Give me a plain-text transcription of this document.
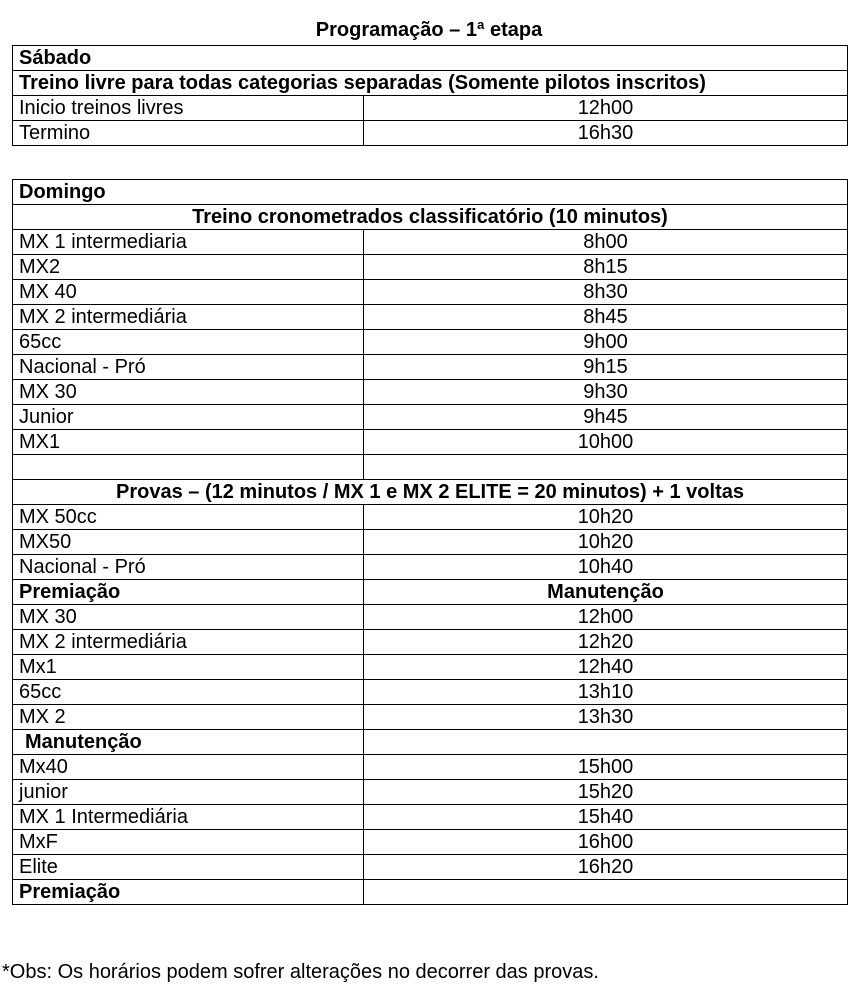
Programação – 1ª etapa
Sábado	
Treino livre para todas categorias separadas (Somente pilotos inscritos)	
Inicio treinos livres	12h00
Termino	16h30
Domingo	
Treino cronometrados classificatório (10 minutos)	
MX 1 intermediaria	8h00
MX2	8h15
MX 40	8h30
MX 2 intermediária	8h45
65cc	9h00
Nacional - Pró	9h15
MX 30	9h30
Junior	9h45
MX1	10h00

Provas – (12 minutos / MX 1 e MX 2 ELITE = 20 minutos) + 1 voltas	
MX 50cc	10h20
MX50	10h20
Nacional - Pró	10h40
Premiação	Manutenção
MX 30	12h00
MX 2 intermediária	12h20
Mx1	12h40
65cc	13h10
MX 2	13h30
Manutenção	
Mx40	15h00
junior	15h20
MX 1 Intermediária	15h40
MxF	16h00
Elite	16h20
Premiação	
*Obs: Os horários podem sofrer alterações no decorrer das provas.
